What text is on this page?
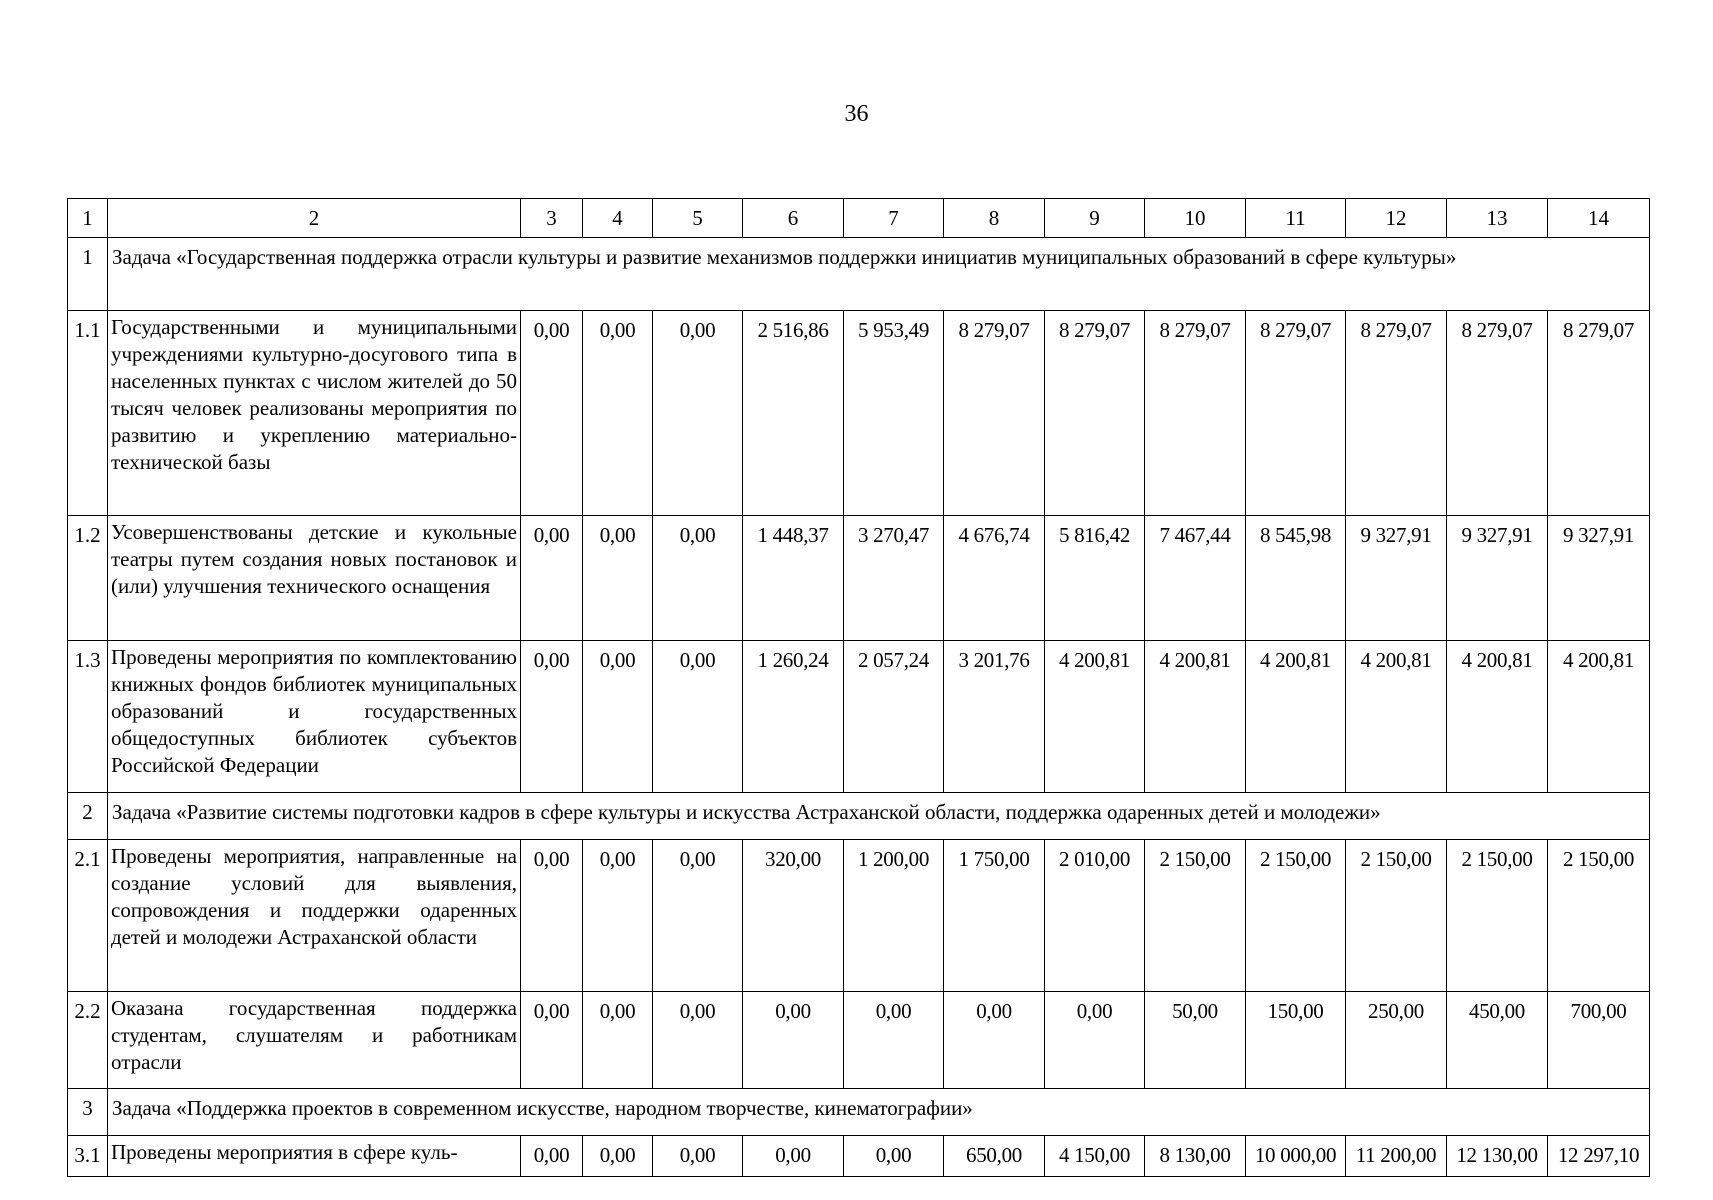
36
1	2	3	4	5	6	7	8	9	10	11	12	13	14
1	Задача «Государственная поддержка отрасли культуры и развитие механизмов поддержки инициатив муниципальных образований в сфере культуры»												
1.1	Государственными и муниципальными учреждениями культурно-досугового типа в населенных пунктах с числом жителей до 50 тысяч человек реализованы мероприятия по развитию и укреплению материально-технической базы	0,00	0,00	0,00	2 516,86	5 953,49	8 279,07	8 279,07	8 279,07	8 279,07	8 279,07	8 279,07	8 279,07
1.2	Усовершенствованы детские и кукольные театры путем создания новых постановок и (или) улучшения технического оснащения	0,00	0,00	0,00	1 448,37	3 270,47	4 676,74	5 816,42	7 467,44	8 545,98	9 327,91	9 327,91	9 327,91
1.3	Проведены мероприятия по комплектованию книжных фондов библиотек муниципальных образований и государственных общедоступных библиотек субъектов Российской Федерации	0,00	0,00	0,00	1 260,24	2 057,24	3 201,76	4 200,81	4 200,81	4 200,81	4 200,81	4 200,81	4 200,81
2	Задача «Развитие системы подготовки кадров в сфере культуры и искусства Астраханской области, поддержка одаренных детей и молодежи»												
2.1	Проведены мероприятия, направленные на создание условий для выявления, сопровождения и поддержки одаренных детей и молодежи Астраханской области	0,00	0,00	0,00	320,00	1 200,00	1 750,00	2 010,00	2 150,00	2 150,00	2 150,00	2 150,00	2 150,00
2.2	Оказана государственная поддержка студентам, слушателям и работникам отрасли	0,00	0,00	0,00	0,00	0,00	0,00	0,00	50,00	150,00	250,00	450,00	700,00
3	Задача «Поддержка проектов в современном искусстве, народном творчестве, кинематографии»												
3.1	Проведены мероприятия в сфере куль-	0,00	0,00	0,00	0,00	0,00	650,00	4 150,00	8 130,00	10 000,00	11 200,00	12 130,00	12 297,10
